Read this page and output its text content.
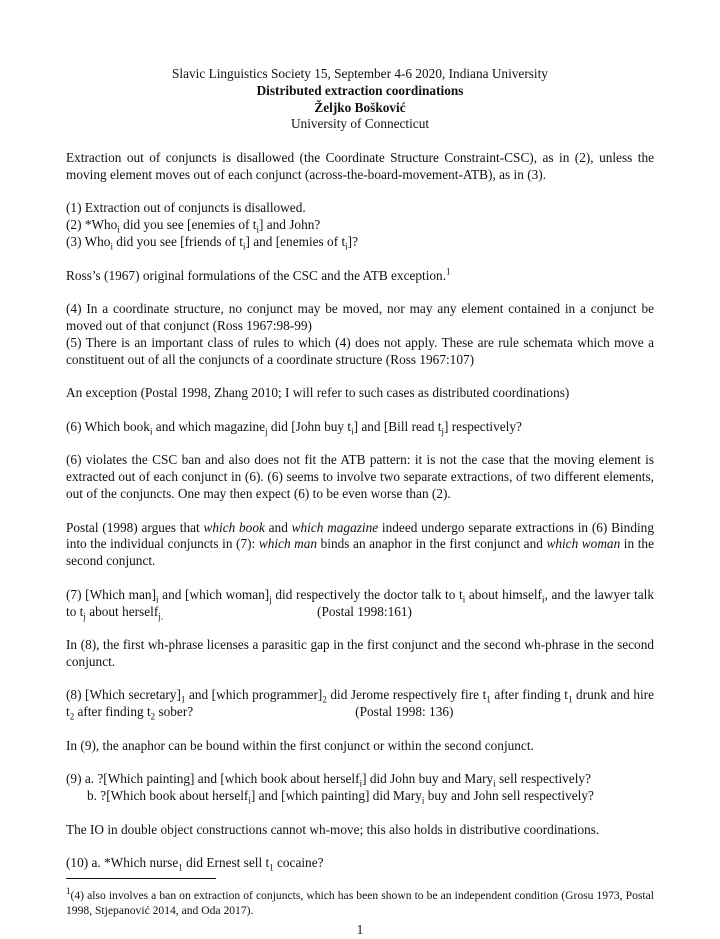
Slavic Linguistics Society 15, September 4-6 2020, Indiana University

Distributed extraction coordinations

Željko Bošković

University of Connecticut

Extraction out of conjuncts is disallowed (the Coordinate Structure Constraint-CSC), as in (2), unless the moving element moves out of each conjunct (across-the-board-movement-ATB), as in (3).

(1) Extraction out of conjuncts is disallowed.

(2) *Who$_i$ did you see [enemies of $t_i$] and John?

(3) Who$_i$ did you see [friends of $t_i$] and [enemies of $t_i$]?

Ross’s (1967) original formulations of the CSC and the ATB exception.$^1$

(4) In a coordinate structure, no conjunct may be moved, nor may any element contained in a conjunct be moved out of that conjunct (Ross 1967:98-99)

(5) There is an important class of rules to which (4) does not apply. These are rule schemata which move a constituent out of all the conjuncts of a coordinate structure (Ross 1967:107)

An exception (Postal 1998, Zhang 2010; I will refer to such cases as distributed coordinations)

(6) Which book$_i$ and which magazine$_j$ did [John buy $t_i$] and [Bill read $t_j$] respectively?

(6) violates the CSC ban and also does not fit the ATB pattern: it is not the case that the moving element is extracted out of each conjunct in (6). (6) seems to involve two separate extractions, of two different elements, out of the conjuncts. One may then expect (6) to be even worse than (2).

Postal (1998) argues that which book and which magazine indeed undergo separate extractions in (6) Binding into the individual conjuncts in (7): which man binds an anaphor in the first conjunct and which woman in the second conjunct.

(7) [Which $man]_i$ and [which $woman]_j$ did respectively the doctor talk to $t_i$ about himself$_i$, and the lawyer talk to $t_j$ about herself$_{j.}$	(Postal 1998:161)

In (8), the first wh-phrase licenses a parasitic gap in the first conjunct and the second wh-phrase in the second conjunct.

(8) [Which $secretary]_1$ and [which $programmer]_2$ did Jerome respectively fire $t_1$ after finding $t_1$ drunk and hire $t_2$ after finding $t_2$ sober?	(Postal 1998: 136)

In (9), the anaphor can be bound within the first conjunct or within the second conjunct.

(9) a. ?[Which painting] and [which book about herself$_i$] did John buy and Mary$_i$ sell respectively?

b. ?[Which book about herself$_i$] and [which painting] did Mary$_i$ buy and John sell respectively?

The IO in double object constructions cannot wh-move; this also holds in distributive coordinations.

(10) a. *Which nurse$_1$ did Ernest sell $t_1$ cocaine?

$^1$(4) also involves a ban on extraction of conjuncts, which has been shown to be an independent condition (Grosu 1973, Postal 1998, Stjepanović 2014, and Oda 2017).

1
